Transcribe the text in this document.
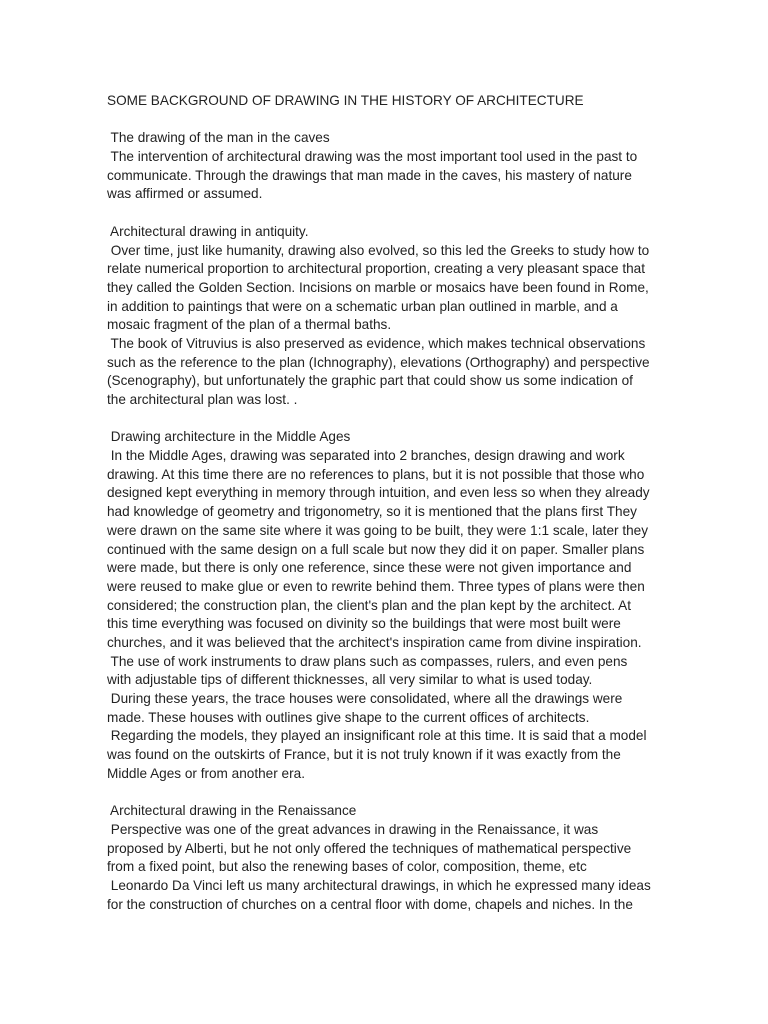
SOME BACKGROUND OF DRAWING IN THE HISTORY OF ARCHITECTURE
The drawing of the man in the caves
The intervention of architectural drawing was the most important tool used in the past to
communicate. Through the drawings that man made in the caves, his mastery of nature
was affirmed or assumed.
Architectural drawing in antiquity.
Over time, just like humanity, drawing also evolved, so this led the Greeks to study how to
relate numerical proportion to architectural proportion, creating a very pleasant space that
they called the Golden Section. Incisions on marble or mosaics have been found in Rome,
in addition to paintings that were on a schematic urban plan outlined in marble, and a
mosaic fragment of the plan of a thermal baths.
The book of Vitruvius is also preserved as evidence, which makes technical observations
such as the reference to the plan (Ichnography), elevations (Orthography) and perspective
(Scenography), but unfortunately the graphic part that could show us some indication of
the architectural plan was lost. .
Drawing architecture in the Middle Ages
In the Middle Ages, drawing was separated into 2 branches, design drawing and work
drawing. At this time there are no references to plans, but it is not possible that those who
designed kept everything in memory through intuition, and even less so when they already
had knowledge of geometry and trigonometry, so it is mentioned that the plans first They
were drawn on the same site where it was going to be built, they were 1:1 scale, later they
continued with the same design on a full scale but now they did it on paper. Smaller plans
were made, but there is only one reference, since these were not given importance and
were reused to make glue or even to rewrite behind them. Three types of plans were then
considered; the construction plan, the client's plan and the plan kept by the architect. At
this time everything was focused on divinity so the buildings that were most built were
churches, and it was believed that the architect's inspiration came from divine inspiration.
The use of work instruments to draw plans such as compasses, rulers, and even pens
with adjustable tips of different thicknesses, all very similar to what is used today.
During these years, the trace houses were consolidated, where all the drawings were
made. These houses with outlines give shape to the current offices of architects.
Regarding the models, they played an insignificant role at this time. It is said that a model
was found on the outskirts of France, but it is not truly known if it was exactly from the
Middle Ages or from another era.
Architectural drawing in the Renaissance
Perspective was one of the great advances in drawing in the Renaissance, it was
proposed by Alberti, but he not only offered the techniques of mathematical perspective
from a fixed point, but also the renewing bases of color, composition, theme, etc
Leonardo Da Vinci left us many architectural drawings, in which he expressed many ideas
for the construction of churches on a central floor with dome, chapels and niches. In the
